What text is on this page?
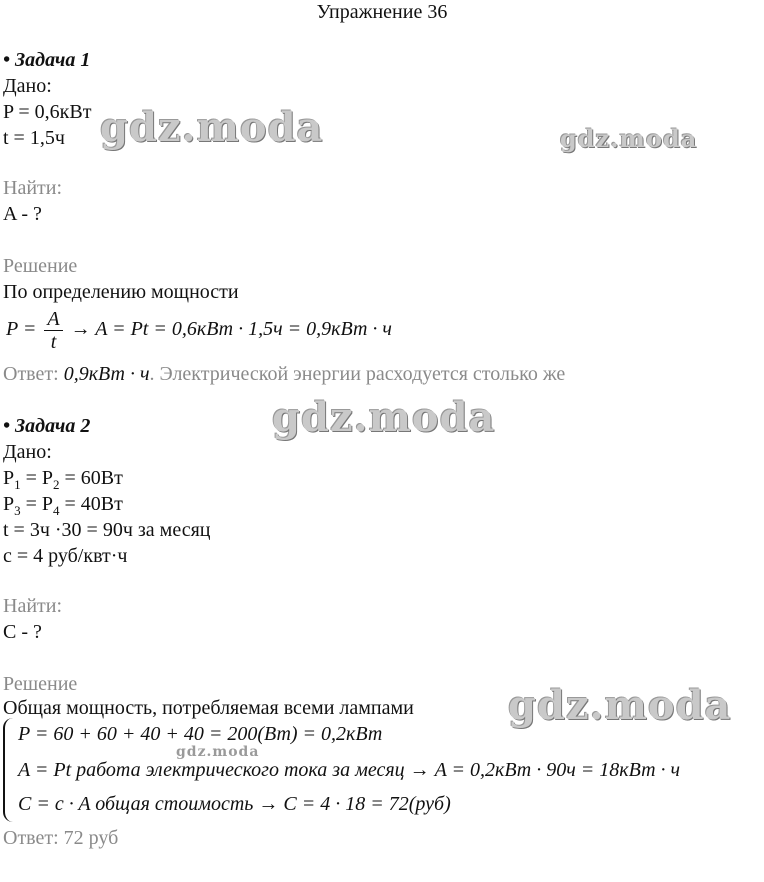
Упражнение 36
• Задача 1
Дано:
P = 0,6кВт
t = 1,5ч
Найти:
A - ?
Решение
По определению мощности
$P = \frac{A}{t} \to A = Pt = 0,6кВт \cdot 1,5ч = 0,9кВт \cdot ч$
Ответ: 0,9кВт · ч. Электрической энергии расходуется столько же
• Задача 2
Дано:
$P_1 = P_2 = 60Вт$
$P_3 = P_4 = 40Вт$
t = 3ч ·30 = 90ч за месяц
c = 4 руб/квт·ч
Найти:
C - ?
Решение
Общая мощность, потребляемая всеми лампами
P = 60 + 60 + 40 + 40 = 200(Вт) = 0,2кВт
A = Pt работа электрического тока за месяц → A = 0,2кВт · 90ч = 18кВт · ч
C = c · A общая стоимость → C = 4 · 18 = 72(руб)
Ответ: 72 руб
gdz.moda	gdz.moda
gdz.moda
gdz.moda
gdz.moda
